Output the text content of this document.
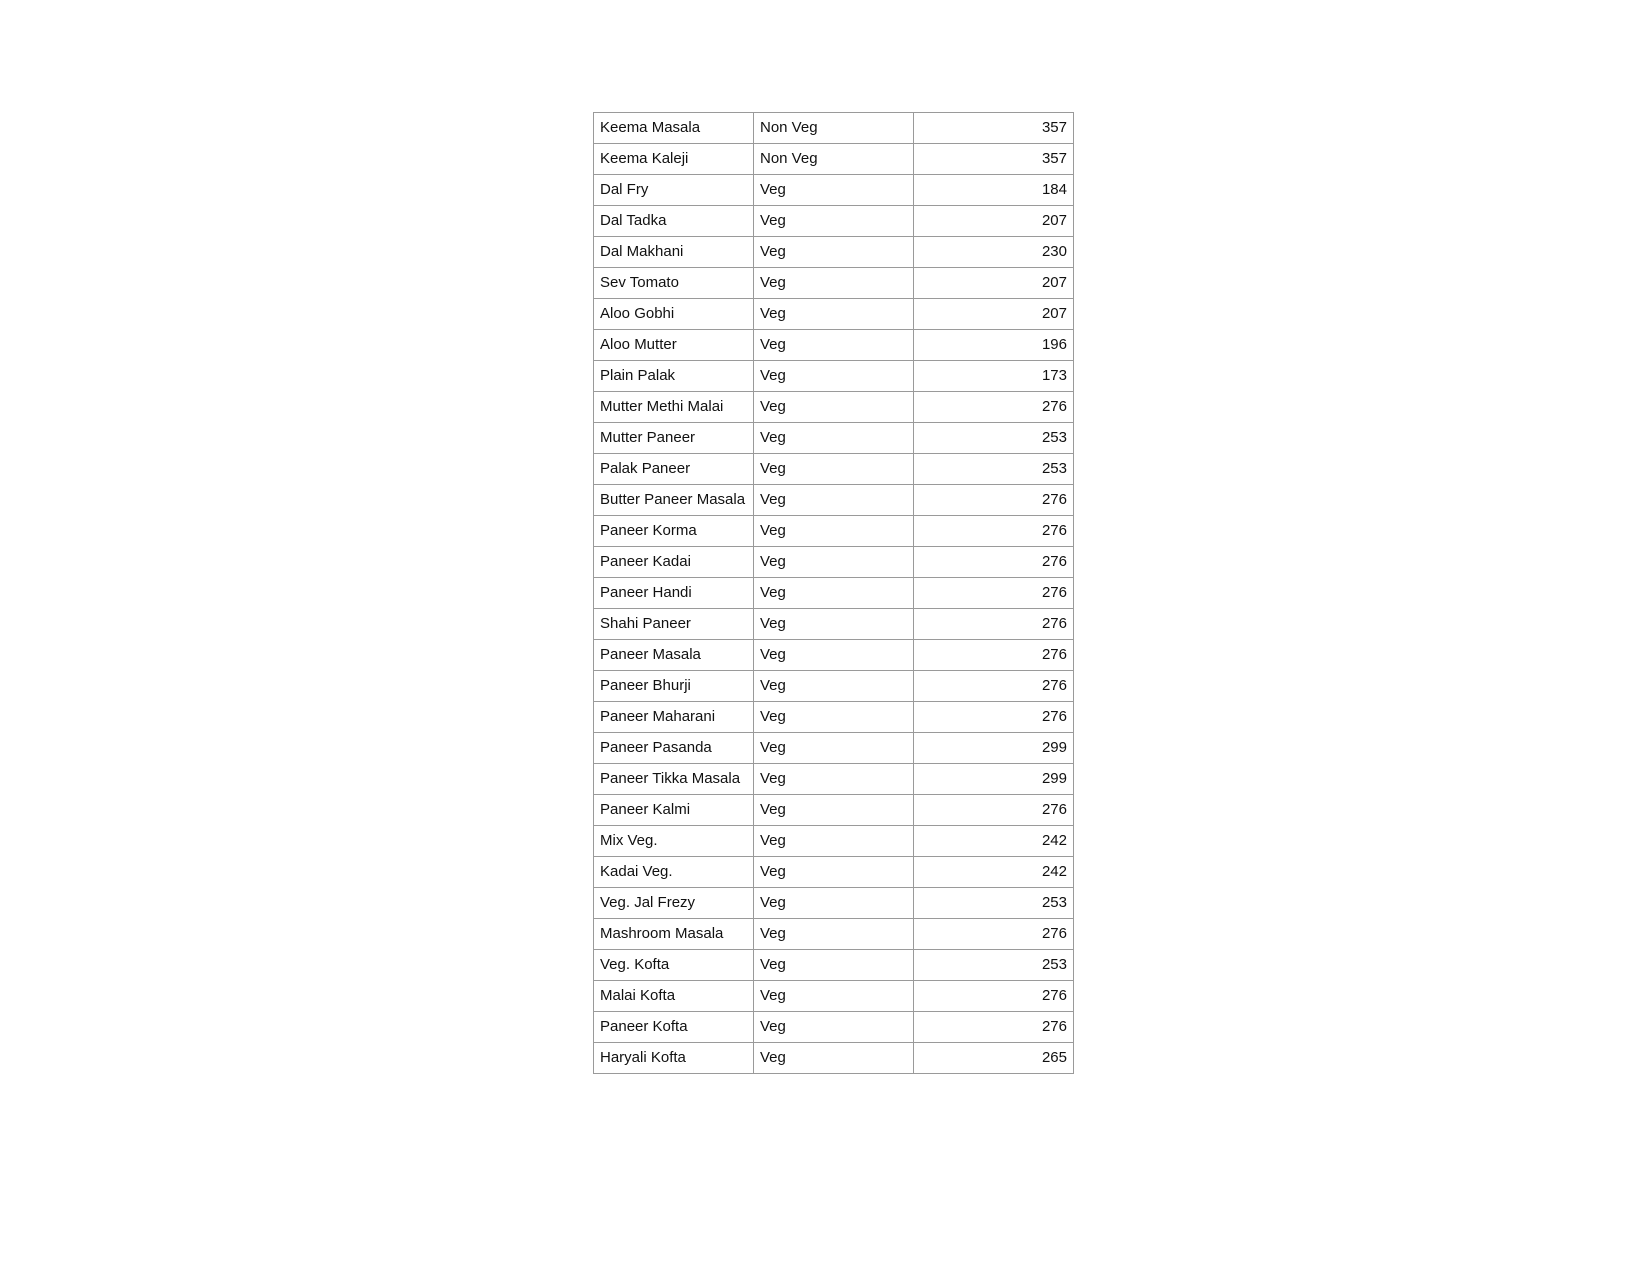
Keema Masala	Non Veg	357
Keema Kaleji	Non Veg	357
Dal Fry	Veg	184
Dal Tadka	Veg	207
Dal Makhani	Veg	230
Sev Tomato	Veg	207
Aloo Gobhi	Veg	207
Aloo Mutter	Veg	196
Plain Palak	Veg	173
Mutter Methi Malai	Veg	276
Mutter Paneer	Veg	253
Palak Paneer	Veg	253
Butter Paneer Masala	Veg	276
Paneer Korma	Veg	276
Paneer Kadai	Veg	276
Paneer Handi	Veg	276
Shahi Paneer	Veg	276
Paneer Masala	Veg	276
Paneer Bhurji	Veg	276
Paneer Maharani	Veg	276
Paneer Pasanda	Veg	299
Paneer Tikka Masala	Veg	299
Paneer Kalmi	Veg	276
Mix Veg.	Veg	242
Kadai Veg.	Veg	242
Veg. Jal Frezy	Veg	253
Mashroom Masala	Veg	276
Veg. Kofta	Veg	253
Malai Kofta	Veg	276
Paneer Kofta	Veg	276
Haryali Kofta	Veg	265
